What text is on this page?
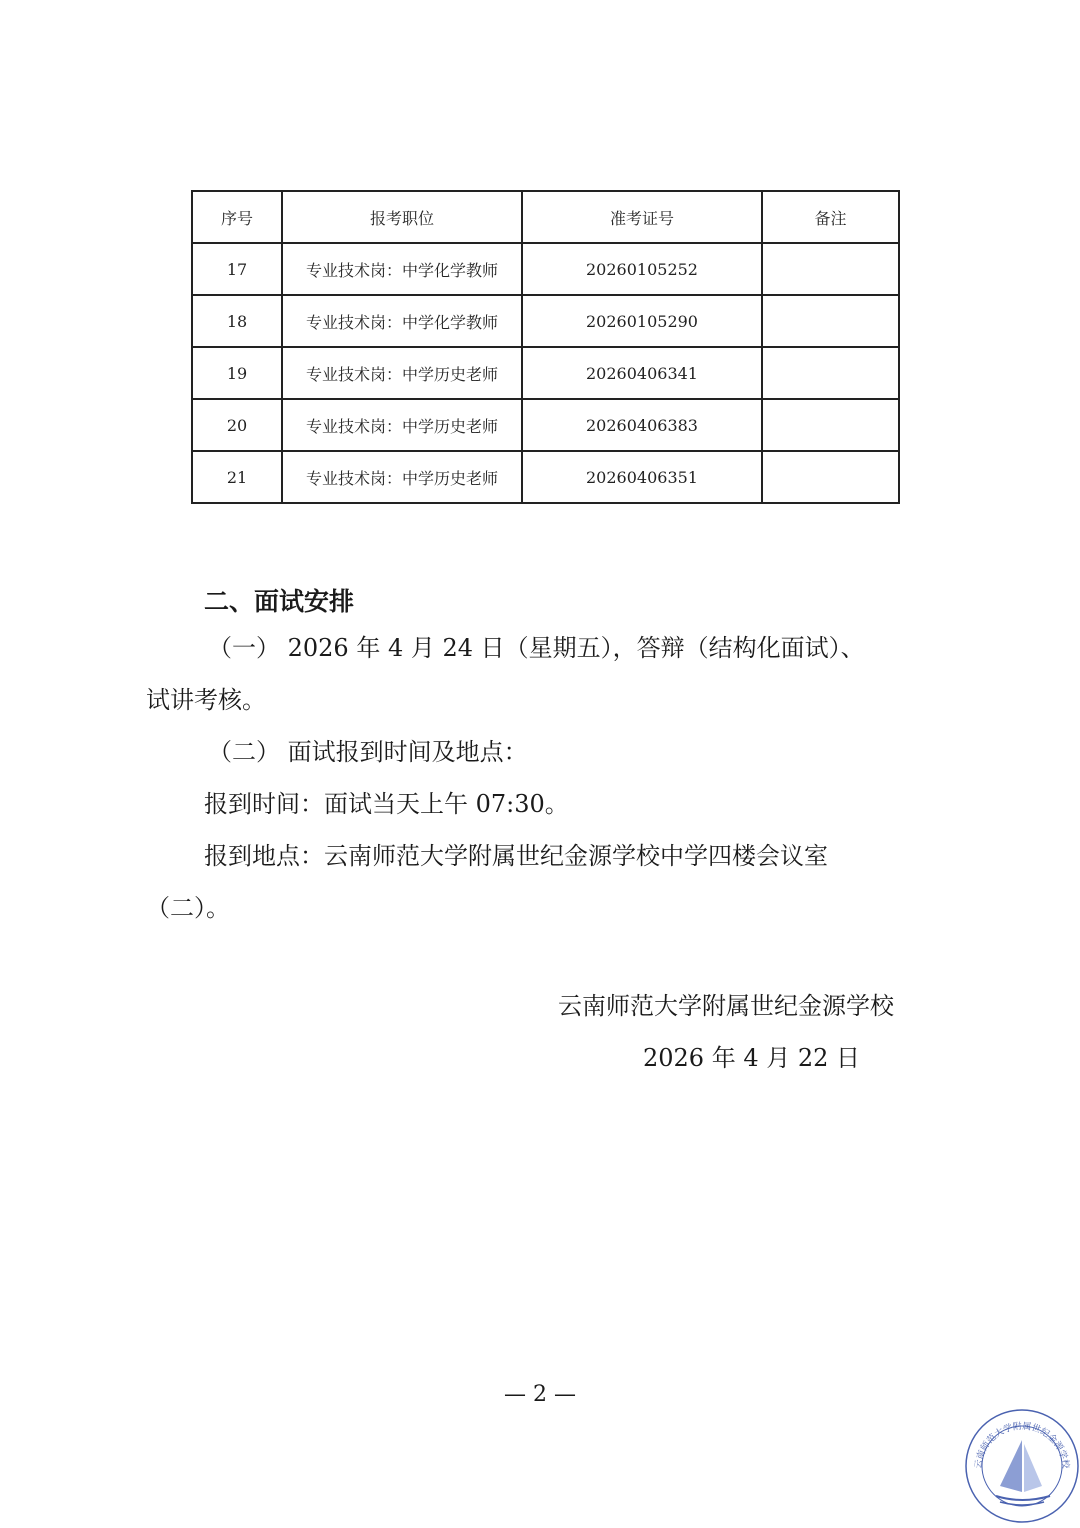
序号	报考职位	准考证号	备注
17	专业技术岗：中学化学教师	20260105252	
18	专业技术岗：中学化学教师	20260105290	
19	专业技术岗：中学历史老师	20260406341	
20	专业技术岗：中学历史老师	20260406383	
21	专业技术岗：中学历史老师	20260406351	
二、面试安排
（一） 2026 年 4 月 24 日（星期五），答辩（结构化面试）、
试讲考核。
（二） 面试报到时间及地点：
报到时间：面试当天上午 07:30。
报到地点：云南师范大学附属世纪金源学校中学四楼会议室
（二）。
云南师范大学附属世纪金源学校
2026 年 4 月 22 日
— 2 —
云南师范大学附属世纪金源学校
